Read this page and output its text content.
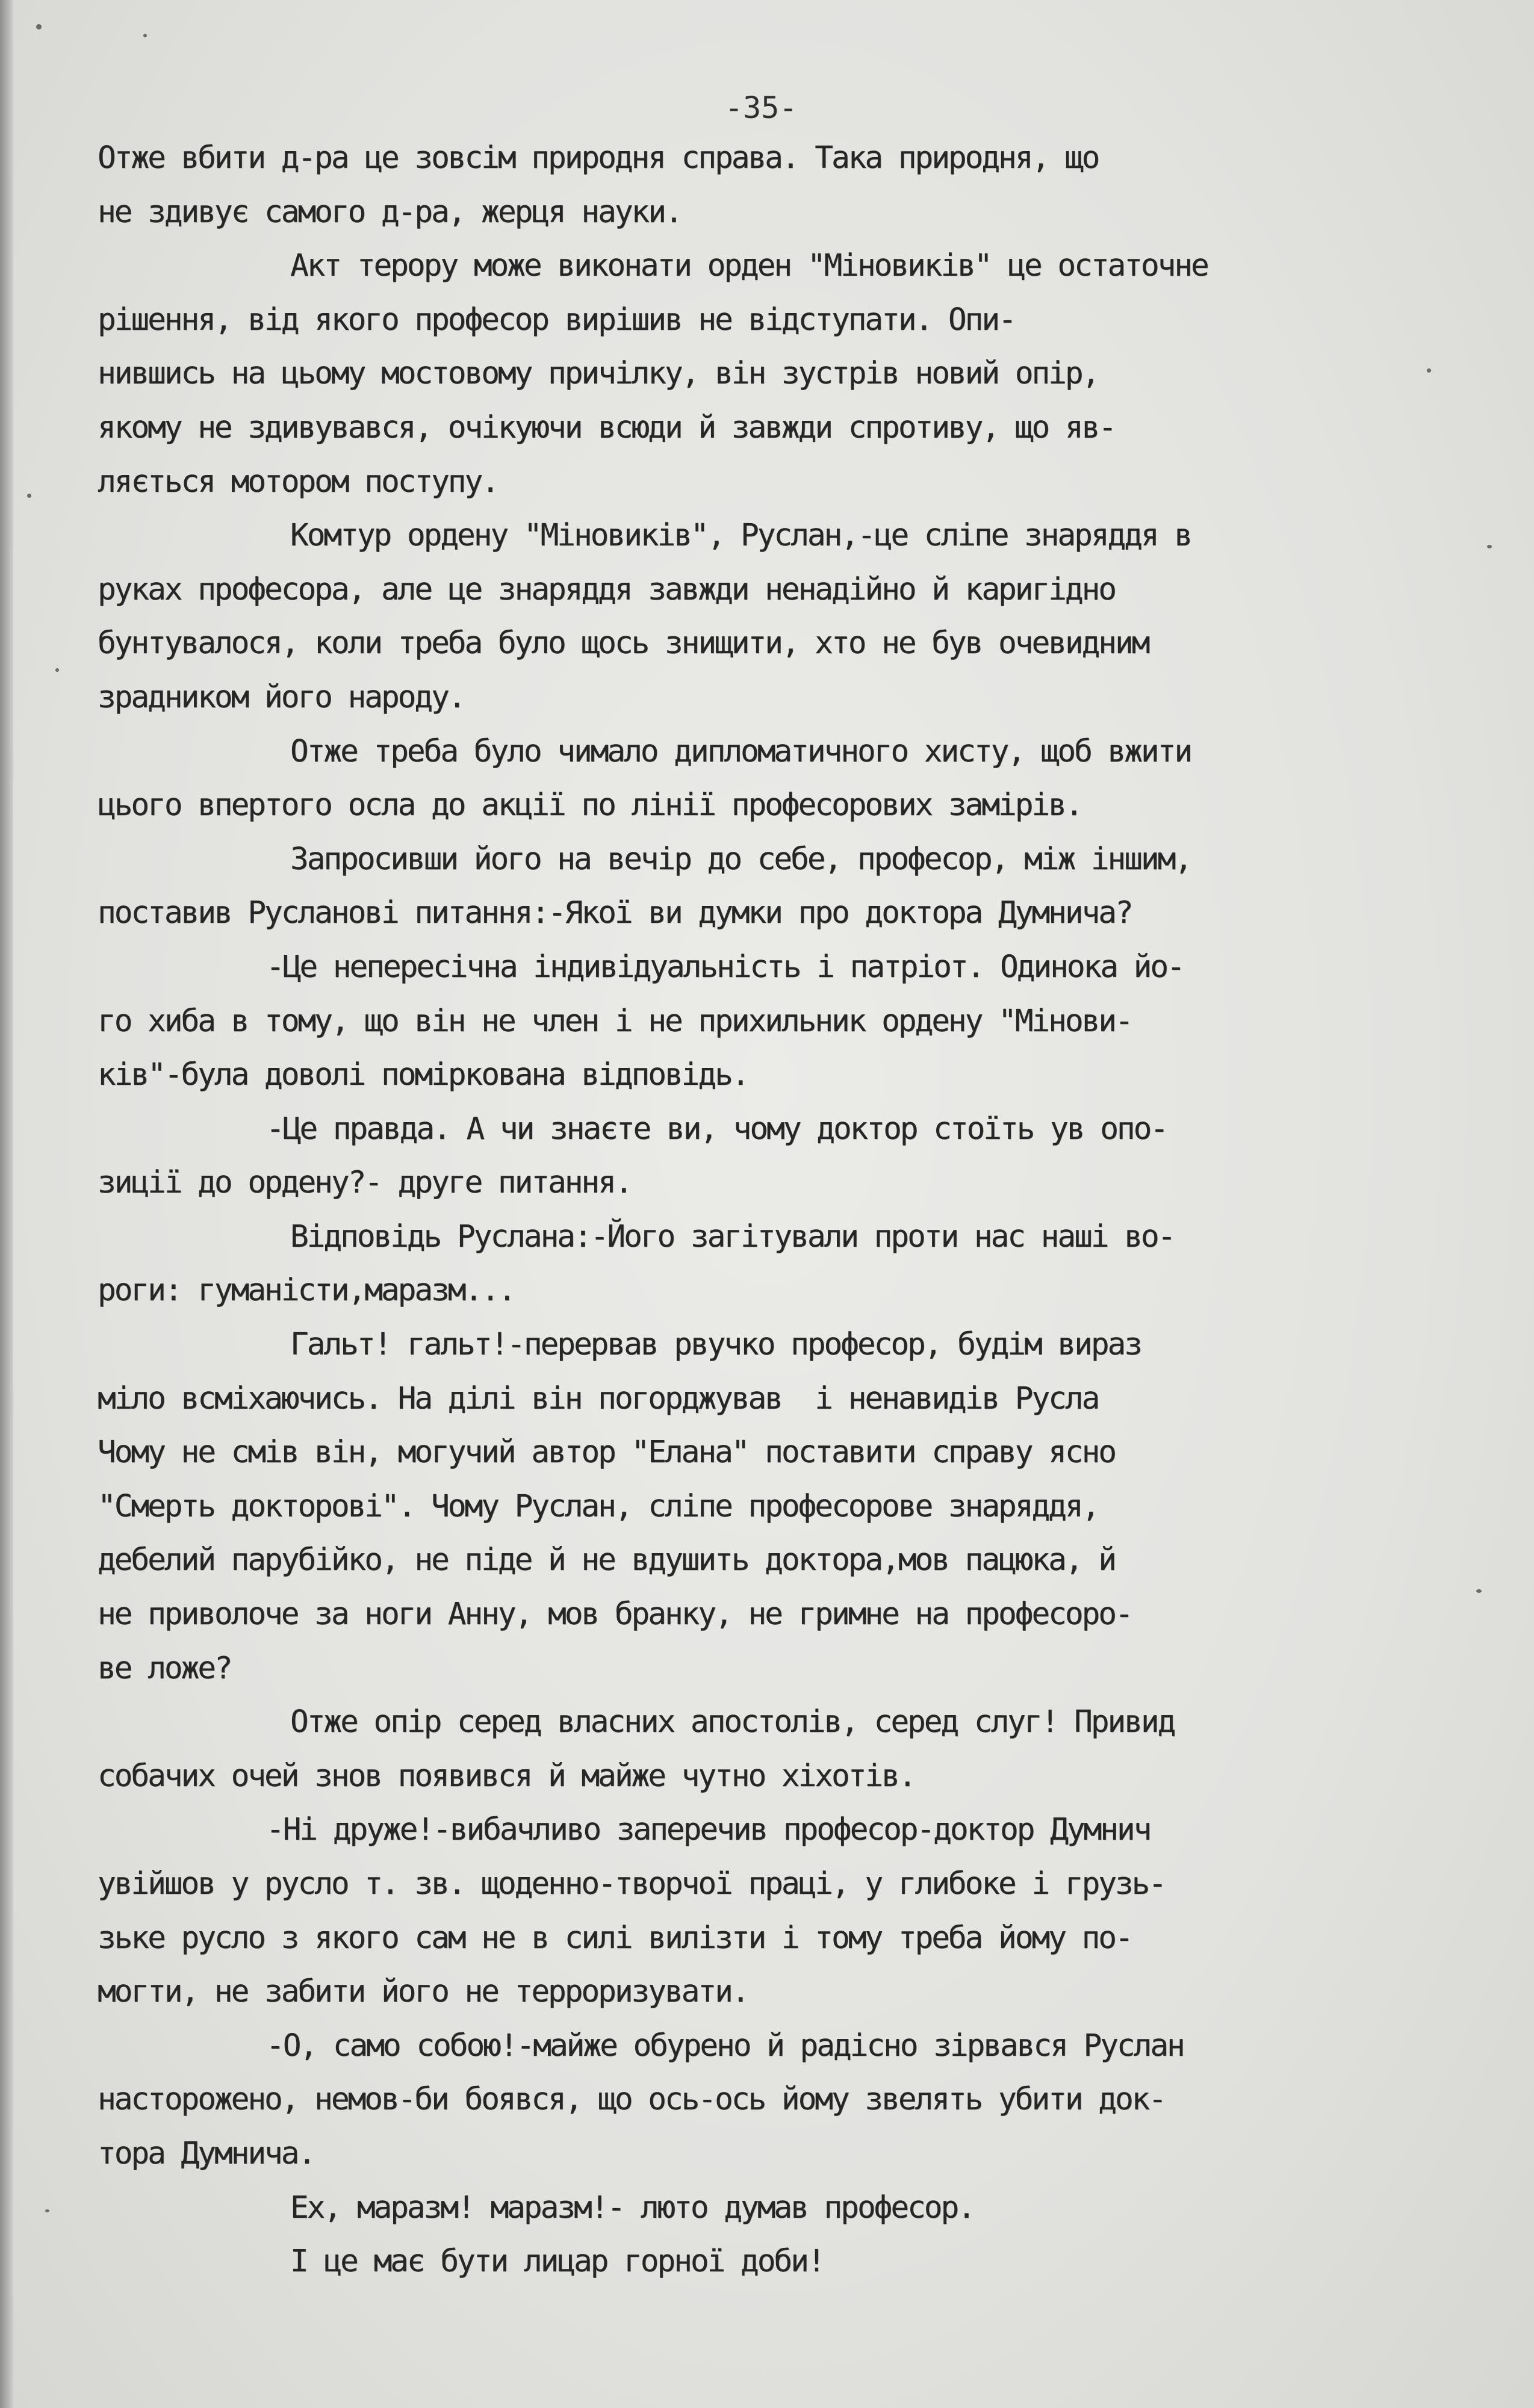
-35-
Отже вбити д-ра це зовсім природня справа. Така природня, що
не здивує самого д-ра, жерця науки.
Акт терору може виконати орден "Міновиків" це остаточне
рішення, від якого професор вирішив не відступати. Опи-
нившись на цьому мостовому причілку, він зустрів новий опір,
якому не здивувався, очікуючи всюди й завжди спротиву, що яв-
ляється мотором поступу.
Комтур ордену "Міновиків", Руслан,-це сліпе знаряддя в
руках професора, але це знаряддя завжди ненадійно й каригідно
бунтувалося, коли треба було щось знищити, хто не був очевидним
зрадником його народу.
Отже треба було чимало дипломатичного хисту, щоб вжити
цього впертого осла до акції по лінії професорових замірів.
Запросивши його на вечір до себе, професор, між іншим,
поставив Русланові питання:-Якої ви думки про доктора Думнича?
-Це непересічна індивідуальність і патріот. Одинока йо-
го хиба в тому, що він не член і не прихильник ордену "Мінови-
ків"-була доволі поміркована відповідь.
-Це правда. А чи знаєте ви, чому доктор стоїть ув опо-
зиції до ордену?- друге питання.
Відповідь Руслана:-Його загітували проти нас наші во-
роги: гуманісти,маразм...
Гальт! гальт!-перервав рвучко професор, будім вираз
міло всміхаючись. На ділі він погорджував  і ненавидів Русла
Чому не смів він, могучий автор "Елана" поставити справу ясно
"Смерть докторові". Чому Руслан, сліпе професорове знаряддя,
дебелий парубійко, не піде й не вдушить доктора,мов пацюка, й
не приволоче за ноги Анну, мов бранку, не гримне на професоро-
ве ложе?
Отже опір серед власних апостолів, серед слуг! Привид
собачих очей знов появився й майже чутно хіхотів.
-Ні друже!-вибачливо заперечив професор-доктор Думнич
увійшов у русло т. зв. щоденно-творчої праці, у глибоке і грузь-
зьке русло з якого сам не в силі вилізти і тому треба йому по-
могти, не забити його не терроризувати.
-О, само собою!-майже обурено й радісно зірвався Руслан
насторожено, немов-би боявся, що ось-ось йому звелять убити док-
тора Думнича.
Ех, маразм! маразм!- люто думав професор.
І це має бути лицар горної доби!
